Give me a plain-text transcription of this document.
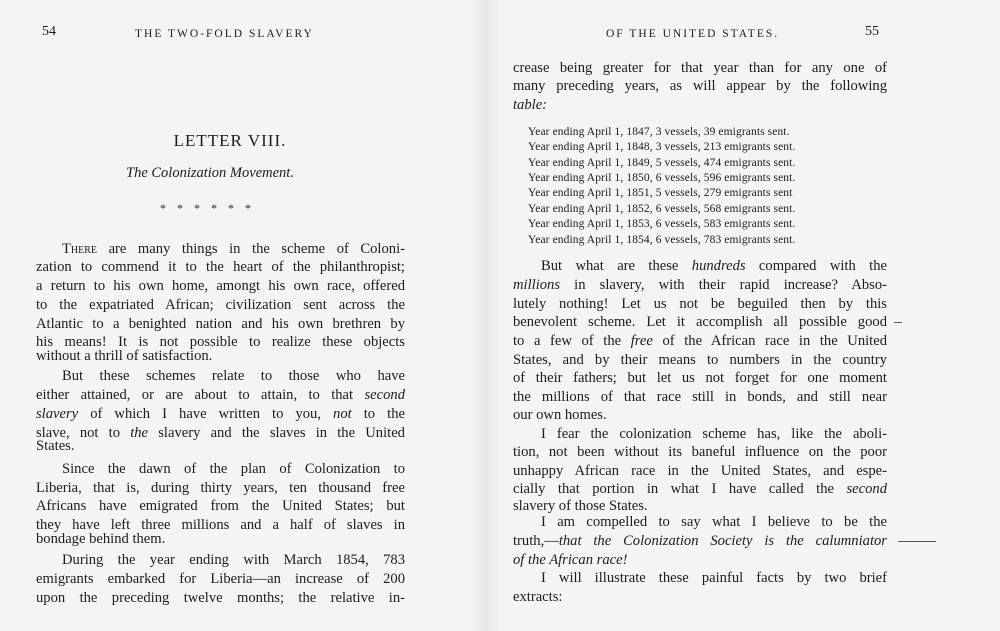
54	THE TWO-FOLD SLAVERY
LETTER VIII.
The Colonization Movement.
* * * * * *
There are many things in the scheme of Coloni-
zation to commend it to the heart of the philanthropist;
a return to his own home, amongt his own race, offered
to the expatriated African; civilization sent across the
Atlantic to a benighted nation and his own brethren by
his means! It is not possible to realize these objects
without a thrill of satisfaction.
But these schemes relate to those who have
either attained, or are about to attain, to that second
slavery of which I have written to you, not to the
slave, not to the slavery and the slaves in the United
States.
Since the dawn of the plan of Colonization to
Liberia, that is, during thirty years, ten thousand free
Africans have emigrated from the United States; but
they have left three millions and a half of slaves in
bondage behind them.
During the year ending with March 1854, 783
emigrants embarked for Liberia—an increase of 200
upon the preceding twelve months; the relative in-
OF THE UNITED STATES.	55
crease being greater for that year than for any one of
many preceding years, as will appear by the following
table:
Year ending April 1, 1847, 3 vessels, 39 emigrants sent.
Year ending April 1, 1848, 3 vessels, 213 emigrants sent.
Year ending April 1, 1849, 5 vessels, 474 emigrants sent.
Year ending April 1, 1850, 6 vessels, 596 emigrants sent.
Year ending April 1, 1851, 5 vessels, 279 emigrants sent
Year ending April 1, 1852, 6 vessels, 568 emigrants sent.
Year ending April 1, 1853, 6 vessels, 583 emigrants sent.
Year ending April 1, 1854, 6 vessels, 783 emigrants sent.
But what are these hundreds compared with the
millions in slavery, with their rapid increase? Abso-
lutely nothing! Let us not be beguiled then by this
benevolent scheme. Let it accomplish all possible good
to a few of the free of the African race in the United
States, and by their means to numbers in the country
of their fathers; but let us not forget for one moment
the millions of that race still in bonds, and still near
our own homes.
I fear the colonization scheme has, like the aboli-
tion, not been without its baneful influence on the poor
unhappy African race in the United States, and espe-
cially that portion in what I have called the second
slavery of those States.
I am compelled to say what I believe to be the
truth,—that the Colonization Society is the calumniator
of the African race!
I will illustrate these painful facts by two brief
extracts:
